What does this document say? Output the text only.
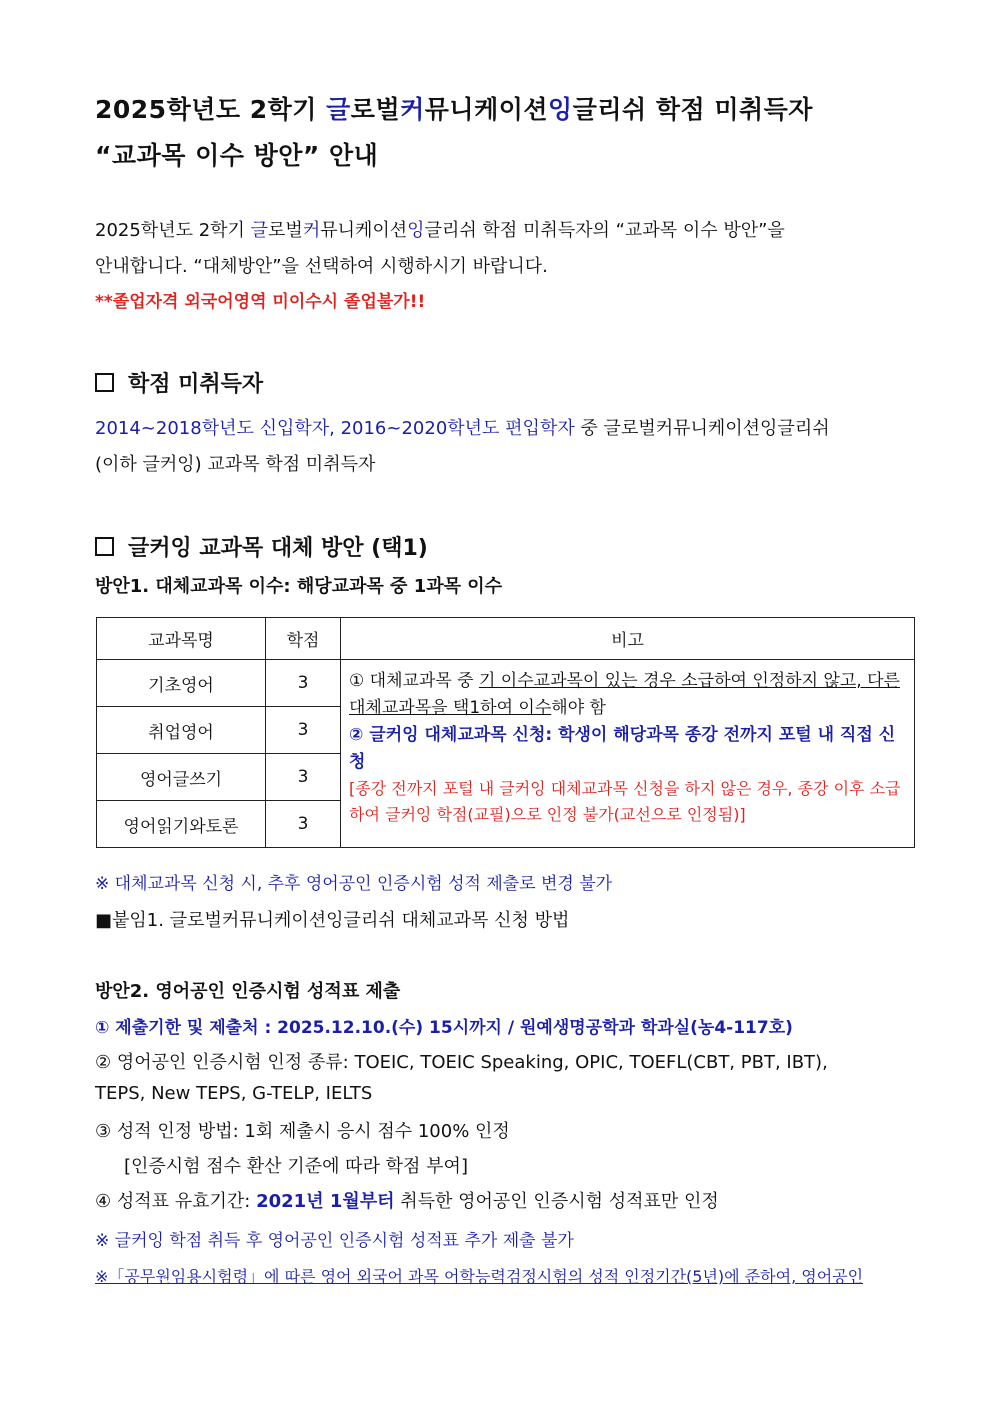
2025학년도 2학기 글로벌커뮤니케이션잉글리쉬 학점 미취득자
“교과목 이수 방안” 안내
2025학년도 2학기 글로벌커뮤니케이션잉글리쉬 학점 미취득자의 “교과목 이수 방안”을
안내합니다. “대체방안”을 선택하여 시행하시기 바랍니다.
**졸업자격 외국어영역 미이수시 졸업불가!!
학점 미취득자
2014~2018학년도 신입학자, 2016~2020학년도 편입학자 중 글로벌커뮤니케이션잉글리쉬
(이하 글커잉) 교과목 학점 미취득자
글커잉 교과목 대체 방안 (택1)
방안1. 대체교과목 이수: 해당교과목 중 1과목 이수
교과목명	학점	비고
기초영어	3	① 대체교과목 중 기 이수교과목이 있는 경우 소급하여 인정하지 않고, 다른 대체교과목을 택1하여 이수해야 함
② 글커잉 대체교과목 신청: 학생이 해당과목 종강 전까지 포털 내 직접 신청
[종강 전까지 포털 내 글커잉 대체교과목 신청을 하지 않은 경우, 종강 이후 소급하여 글커잉 학점(교필)으로 인정 불가(교선으로 인정됨)]

취업영어	3	
영어글쓰기	3	
영어읽기와토론	3	
※ 대체교과목 신청 시, 추후 영어공인 인증시험 성적 제출로 변경 불가
■붙임1. 글로벌커뮤니케이션잉글리쉬 대체교과목 신청 방법
방안2. 영어공인 인증시험 성적표 제출
① 제출기한 및 제출처 : 2025.12.10.(수) 15시까지 / 원예생명공학과 학과실(농4-117호)
② 영어공인 인증시험 인정 종류: TOEIC, TOEIC Speaking, OPIC, TOEFL(CBT, PBT, IBT),
TEPS, New TEPS, G-TELP, IELTS
③ 성적 인정 방법: 1회 제출시 응시 점수 100% 인정
[인증시험 점수 환산 기준에 따라 학점 부여]
④ 성적표 유효기간: 2021년 1월부터 취득한 영어공인 인증시험 성적표만 인정
※ 글커잉 학점 취득 후 영어공인 인증시험 성적표 추가 제출 불가
※「공무원임용시험령」에 따른 영어 외국어 과목 어학능력검정시험의 성적 인정기간(5년)에 준하여, 영어공인
